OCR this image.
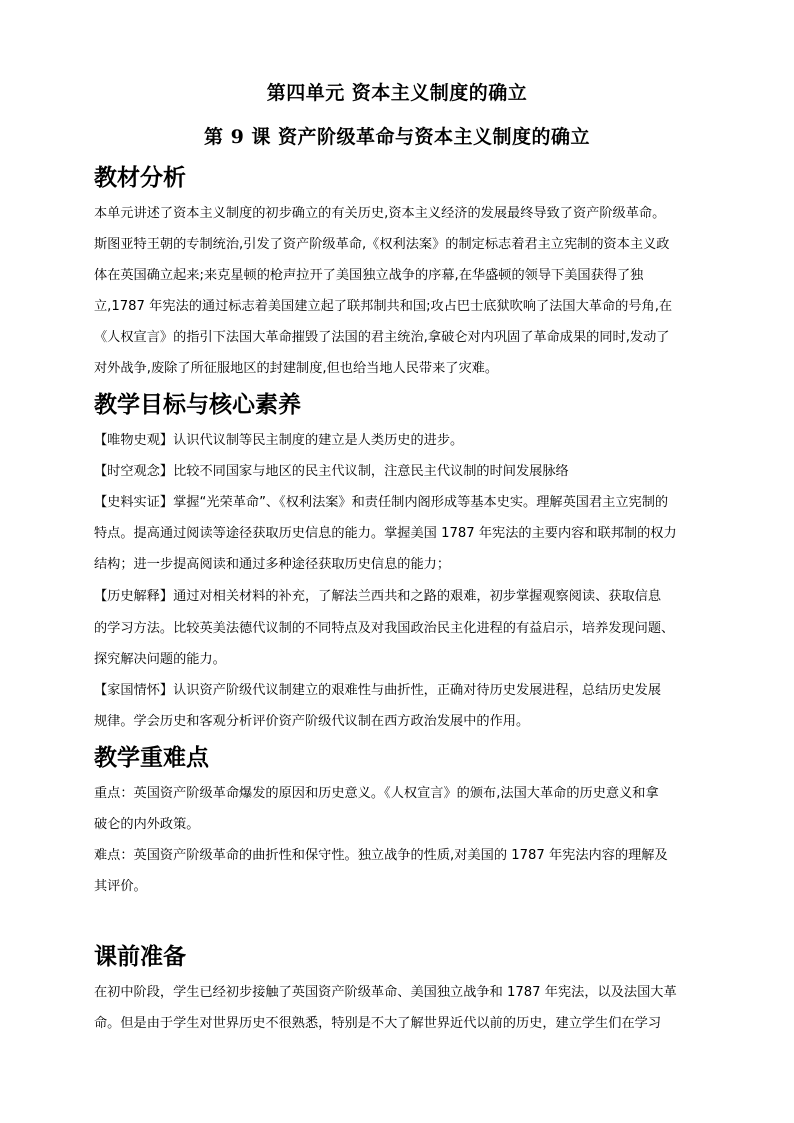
第四单元 资本主义制度的确立
第 9 课 资产阶级革命与资本主义制度的确立
教材分析
本单元讲述了资本主义制度的初步确立的有关历史,资本主义经济的发展最终导致了资产阶级革命。
斯图亚特王朝的专制统治,引发了资产阶级革命,《权利法案》的制定标志着君主立宪制的资本主义政
体在英国确立起来;来克星顿的枪声拉开了美国独立战争的序幕,在华盛顿的领导下美国获得了独
立,1787 年宪法的通过标志着美国建立起了联邦制共和国;攻占巴士底狱吹响了法国大革命的号角,在
《人权宣言》的指引下法国大革命摧毁了法国的君主统治,拿破仑对内巩固了革命成果的同时,发动了
对外战争,废除了所征服地区的封建制度,但也给当地人民带来了灾难。
教学目标与核心素养
【唯物史观】认识代议制等民主制度的建立是人类历史的进步。
【时空观念】比较不同国家与地区的民主代议制，注意民主代议制的时间发展脉络
【史料实证】掌握“光荣革命”、《权利法案》和责任制内阁形成等基本史实。理解英国君主立宪制的
特点。提高通过阅读等途径获取历史信息的能力。掌握美国 1787 年宪法的主要内容和联邦制的权力
结构；进一步提高阅读和通过多种途径获取历史信息的能力；
【历史解释】通过对相关材料的补充，了解法兰西共和之路的艰难，初步掌握观察阅读、获取信息
的学习方法。比较英美法德代议制的不同特点及对我国政治民主化进程的有益启示，培养发现问题、
探究解决问题的能力。
【家国情怀】认识资产阶级代议制建立的艰难性与曲折性，正确对待历史发展进程，总结历史发展
规律。学会历史和客观分析评价资产阶级代议制在西方政治发展中的作用。
教学重难点
重点：英国资产阶级革命爆发的原因和历史意义。《人权宣言》的颁布,法国大革命的历史意义和拿
破仑的内外政策。
难点：英国资产阶级革命的曲折性和保守性。独立战争的性质,对美国的 1787 年宪法内容的理解及
其评价。
课前准备
在初中阶段，学生已经初步接触了英国资产阶级革命、美国独立战争和 1787 年宪法，以及法国大革
命。但是由于学生对世界历史不很熟悉，特别是不大了解世界近代以前的历史，建立学生们在学习
